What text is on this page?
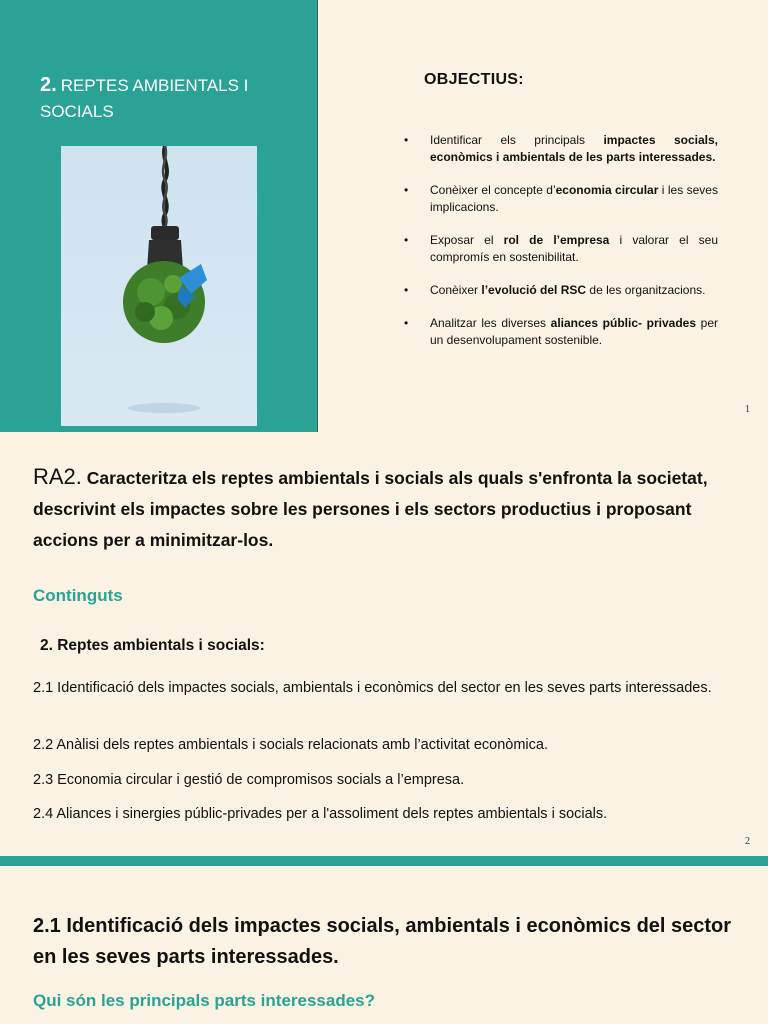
2. REPTES AMBIENTALS I SOCIALS
OBJECTIUS:
• Identificar els principals impactes socials, econòmics i ambientals de les parts interessades.
• Conèixer el concepte d’economia circular i les seves implicacions.
• Exposar el rol de l’empresa i valorar el seu compromís en sostenibilitat.
• Conèixer l’evolució del RSC de les organitzacions.
• Analitzar les diverses aliances públic- privades per un desenvolupament sostenible.
1
RA2. Caracteritza els reptes ambientals i socials als quals s'enfronta la societat, descrivint els impactes sobre les persones i els sectors productius i proposant accions per a minimitzar-los.
Continguts
2. Reptes ambientals i socials:
2.1 Identificació dels impactes socials, ambientals i econòmics del sector en les seves parts interessades.
2.2 Anàlisi dels reptes ambientals i socials relacionats amb l’activitat econòmica.
2.3 Economia circular i gestió de compromisos socials a l’empresa.
2.4 Aliances i sinergies públic-privades per a l'assoliment dels reptes ambientals i socials.
2
2.1 Identificació dels impactes socials, ambientals i econòmics del sector en les seves parts interessades.
Qui són les principals parts interessades?
